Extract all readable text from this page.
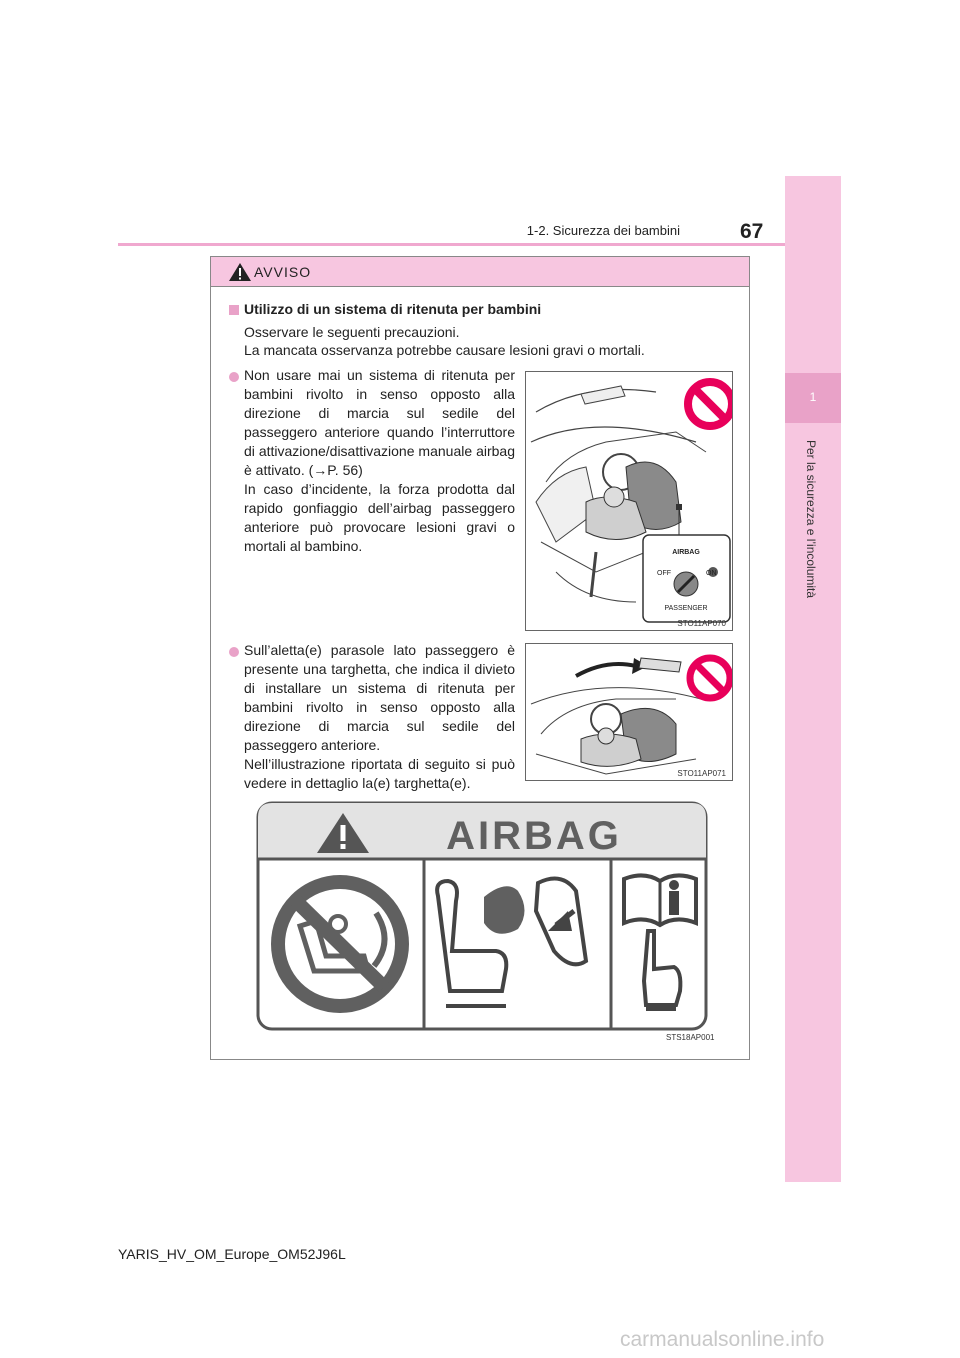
1
Per la sicurezza e l’incolumità
1-2. Sicurezza dei bambini	67
AVVISO
Utilizzo di un sistema di ritenuta per bambini
Osservare le seguenti precauzioni.
La mancata osservanza potrebbe causare lesioni gravi o mortali.
Non usare mai un sistema di ritenuta per bambini rivolto in senso opposto alla direzione di marcia sul sedile del passeggero anteriore quando l’interruttore di attivazione/disattivazione manuale airbag è attivato. (→P. 56)
In caso d’incidente, la forza prodotta dal rapido gonfiaggio dell’airbag passeggero anteriore può provocare lesioni gravi o mortali al bambino.	AIRBAG
OFF	ON
PASSENGER
STO11AP070
Sull’aletta(e) parasole lato passeggero è presente una targhetta, che indica il divieto di installare un sistema di ritenuta per bambini rivolto in senso opposto alla direzione di marcia sul sedile del passeggero anteriore.
Nell’illustrazione riportata di seguito si può vedere in dettaglio la(e) targhetta(e).
STO11AP071
AIRBAG
STS18AP001
YARIS_HV_OM_Europe_OM52J96L
carmanualsonline.info
